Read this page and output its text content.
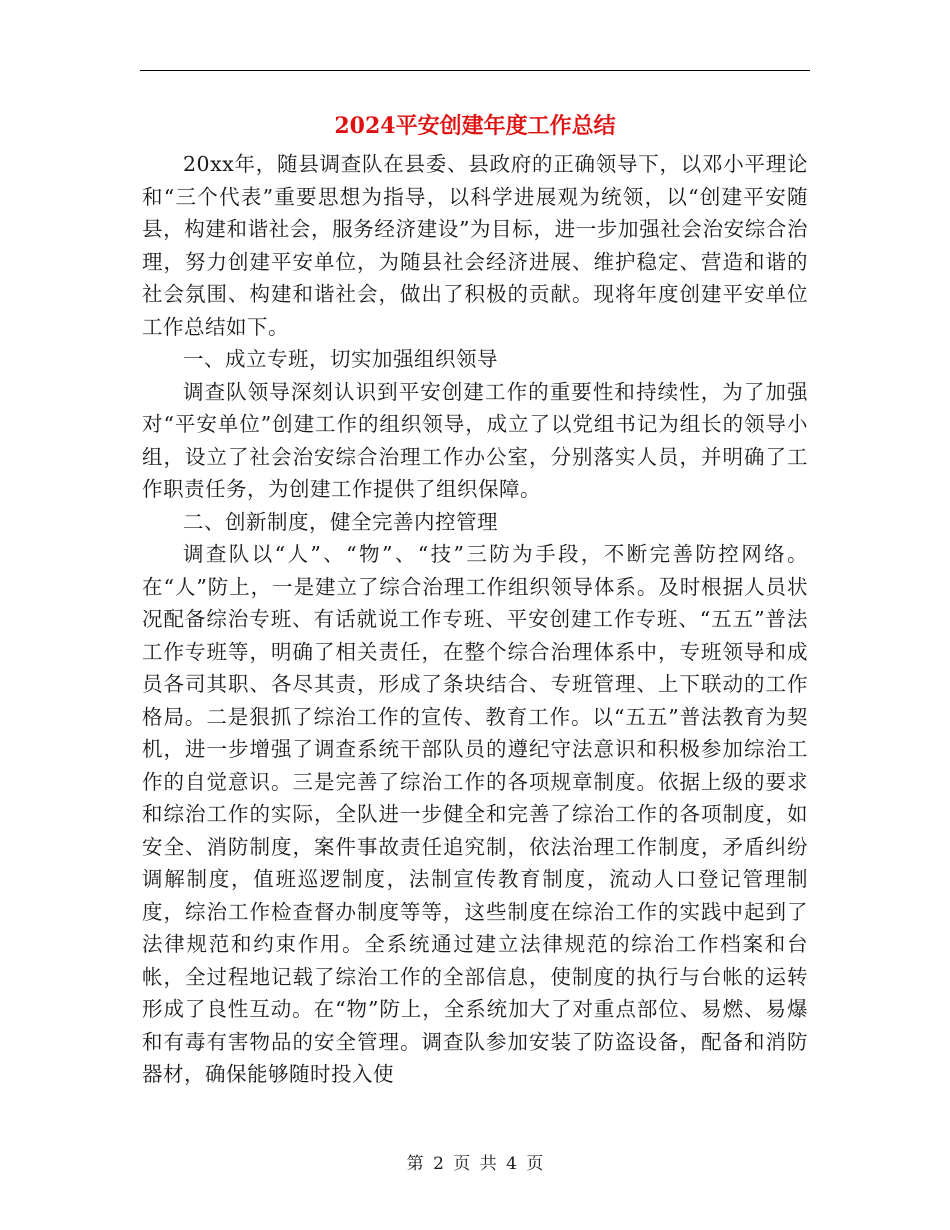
2024平安创建年度工作总结

20xx年，随县调查队在县委、县政府的正确领导下，以邓小平理论和“三个代表”重要思想为指导，以科学进展观为统领，以“创建平安随县，构建和谐社会，服务经济建设”为目标，进一步加强社会治安综合治理，努力创建平安单位，为随县社会经济进展、维护稳定、营造和谐的社会氛围、构建和谐社会，做出了积极的贡献。现将年度创建平安单位工作总结如下。

一、成立专班，切实加强组织领导

调查队领导深刻认识到平安创建工作的重要性和持续性，为了加强对“平安单位”创建工作的组织领导，成立了以党组书记为组长的领导小组，设立了社会治安综合治理工作办公室，分别落实人员，并明确了工作职责任务，为创建工作提供了组织保障。

二、创新制度，健全完善内控管理

调查队以“人”、“物”、“技”三防为手段，不断完善防控网络。在“人”防上，一是建立了综合治理工作组织领导体系。及时根据人员状况配备综治专班、有话就说工作专班、平安创建工作专班、“五五”普法工作专班等，明确了相关责任，在整个综合治理体系中，专班领导和成员各司其职、各尽其责，形成了条块结合、专班管理、上下联动的工作格局。二是狠抓了综治工作的宣传、教育工作。以“五五”普法教育为契机，进一步增强了调查系统干部队员的遵纪守法意识和积极参加综治工作的自觉意识。三是完善了综治工作的各项规章制度。依据上级的要求和综治工作的实际，全队进一步健全和完善了综治工作的各项制度，如安全、消防制度，案件事故责任追究制，依法治理工作制度，矛盾纠纷调解制度，值班巡逻制度，法制宣传教育制度，流动人口登记管理制度，综治工作检查督办制度等等，这些制度在综治工作的实践中起到了法律规范和约束作用。全系统通过建立法律规范的综治工作档案和台帐，全过程地记载了综治工作的全部信息，使制度的执行与台帐的运转形成了良性互动。在“物”防上，全系统加大了对重点部位、易燃、易爆和有毒有害物品的安全管理。调查队参加安装了防盗设备，配备和消防器材，确保能够随时投入使

第 2 页 共 4 页
